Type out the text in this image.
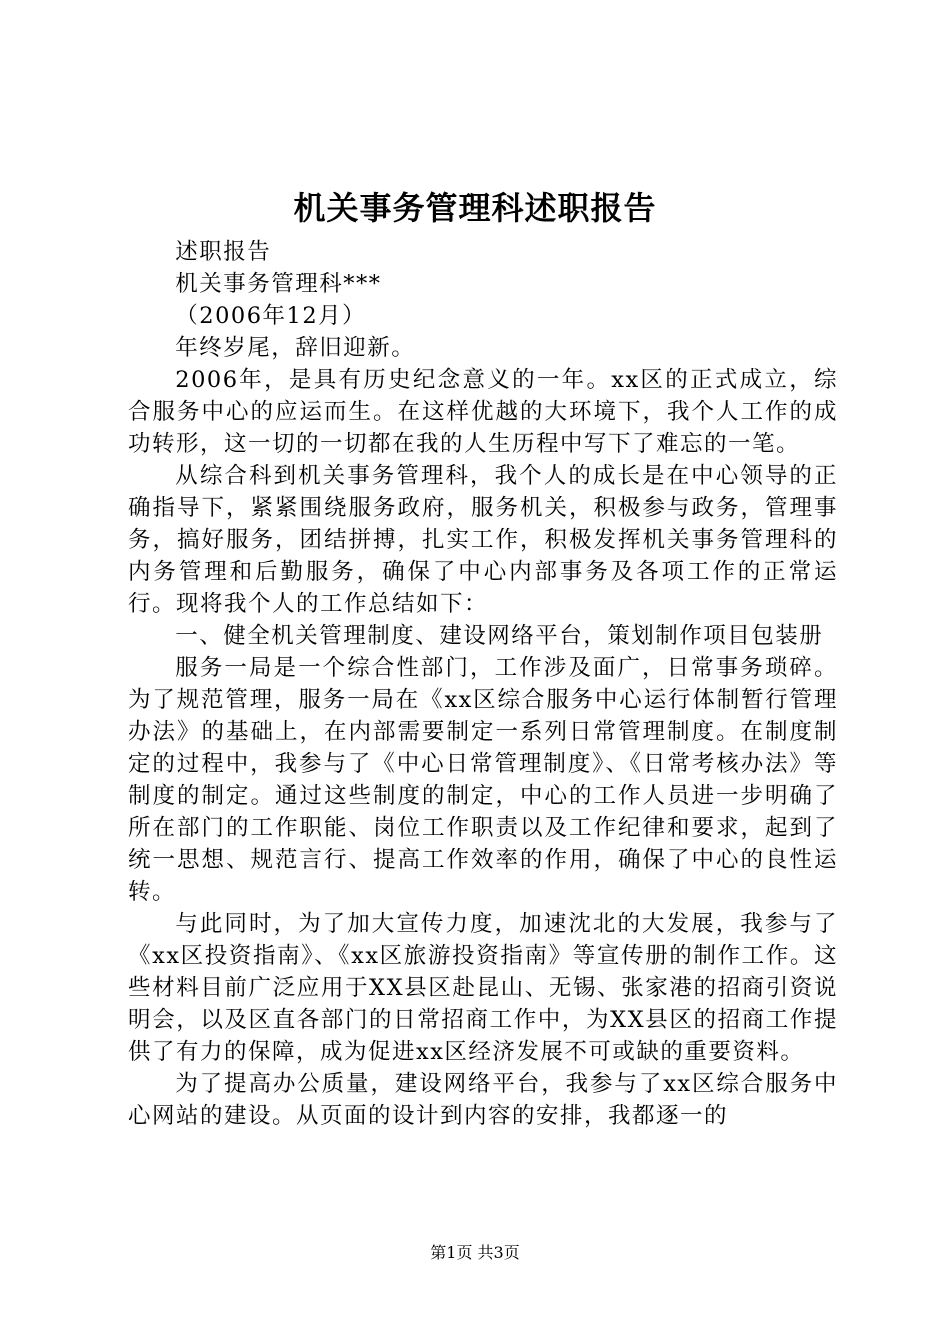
机关事务管理科述职报告

述职报告

机关事务管理科***

（2006年12月）

年终岁尾，辞旧迎新。

2006年，是具有历史纪念意义的一年。xx区的正式成立，综合服务中心的应运而生。在这样优越的大环境下，我个人工作的成功转形，这一切的一切都在我的人生历程中写下了难忘的一笔。

从综合科到机关事务管理科，我个人的成长是在中心领导的正确指导下，紧紧围绕服务政府，服务机关，积极参与政务，管理事务，搞好服务，团结拼搏，扎实工作，积极发挥机关事务管理科的内务管理和后勤服务，确保了中心内部事务及各项工作的正常运行。现将我个人的工作总结如下：

一、健全机关管理制度、建设网络平台，策划制作项目包装册

服务一局是一个综合性部门，工作涉及面广，日常事务琐碎。为了规范管理，服务一局在《xx区综合服务中心运行体制暂行管理办法》的基础上，在内部需要制定一系列日常管理制度。在制度制定的过程中，我参与了《中心日常管理制度》、《日常考核办法》等制度的制定。通过这些制度的制定，中心的工作人员进一步明确了所在部门的工作职能、岗位工作职责以及工作纪律和要求，起到了统一思想、规范言行、提高工作效率的作用，确保了中心的良性运转。

与此同时，为了加大宣传力度，加速沈北的大发展，我参与了《xx区投资指南》、《xx区旅游投资指南》等宣传册的制作工作。这些材料目前广泛应用于XX县区赴昆山、无锡、张家港的招商引资说明会，以及区直各部门的日常招商工作中，为XX县区的招商工作提供了有力的保障，成为促进xx区经济发展不可或缺的重要资料。

为了提高办公质量，建设网络平台，我参与了xx区综合服务中心网站的建设。从页面的设计到内容的安排，我都逐一的

第1页 共3页
